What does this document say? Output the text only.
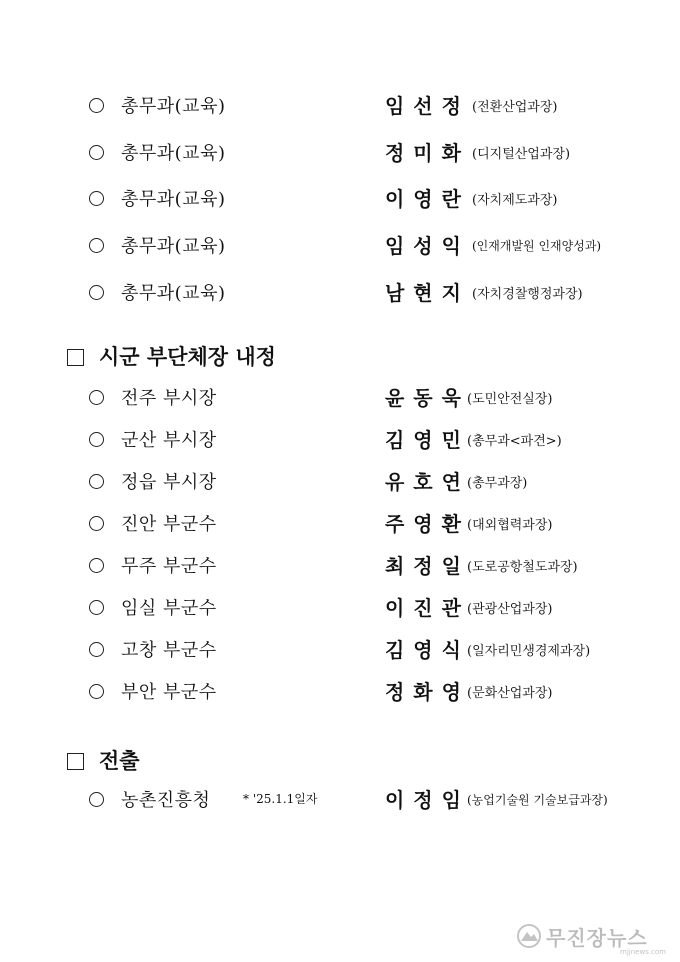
총무과(교육)	임 선 정 (전환산업과장)
총무과(교육)	정 미 화 (디지털산업과장)
총무과(교육)	이 영 란 (자치제도과장)
총무과(교육)	임 성 익 (인재개발원 인재양성과)
총무과(교육)	남 현 지 (자치경찰행정과장)
시군 부단체장 내정
전주 부시장	윤 동 욱 (도민안전실장)
군산 부시장	김 영 민 (총무과<파견>)
정읍 부시장	유 호 연 (총무과장)
진안 부군수	주 영 환 (대외협력과장)
무주 부군수	최 정 일 (도로공항철도과장)
임실 부군수	이 진 관 (관광산업과장)
고창 부군수	김 영 식 (일자리민생경제과장)
부안 부군수	정 화 영 (문화산업과장)
전출
농촌진흥청	* '25.1.1일자	이 정 임 (농업기술원 기술보급과장)
무진장뉴스
mjjnews.com
